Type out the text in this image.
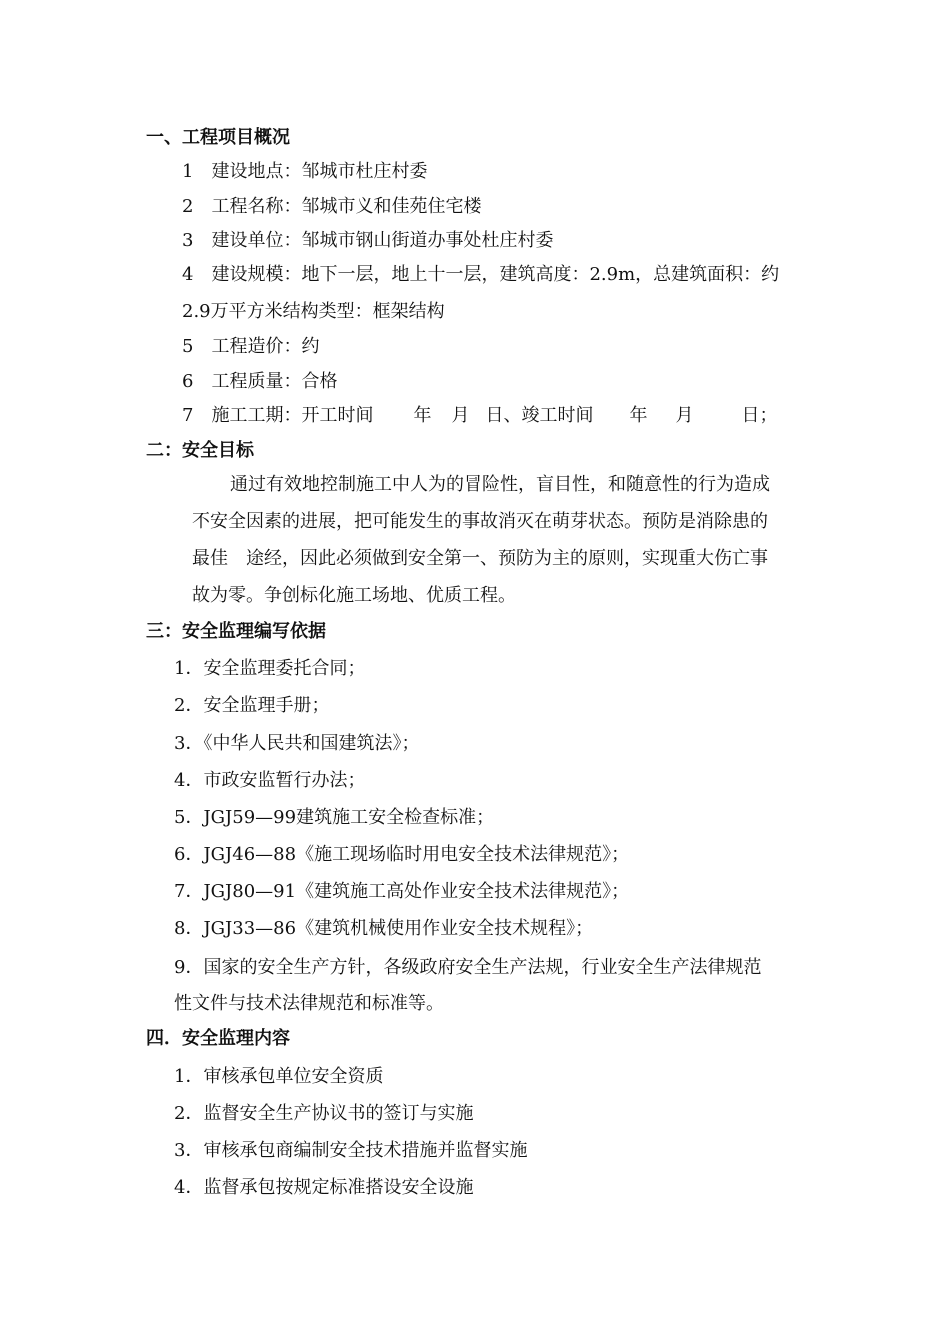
一、工程项目概况
1　建设地点：邹城市杜庄村委
2　工程名称：邹城市义和佳苑住宅楼
3　建设单位：邹城市钢山街道办事处杜庄村委
4　建设规模：地下一层，地上十一层，建筑高度：2.9m，总建筑面积：约
2.9万平方米结构类型：框架结构
5　工程造价：约
6　工程质量：合格
7　施工工期：开工时间 年 月 日、竣工时间 年 月	日；
二：安全目标
通过有效地控制施工中人为的冒险性，盲目性，和随意性的行为造成
不安全因素的进展，把可能发生的事故消灭在萌芽状态。预防是消除患的
最佳　途经，因此必须做到安全第一、预防为主的原则，实现重大伤亡事
故为零。争创标化施工场地、优质工程。
三：安全监理编写依据
1．安全监理委托合同；
2．安全监理手册；
3．《中华人民共和国建筑法》；
4．市政安监暂行办法；
5．JGJ59—99建筑施工安全检查标准；
6．JGJ46—88《施工现场临时用电安全技术法律规范》；
7．JGJ80—91《建筑施工高处作业安全技术法律规范》；
8．JGJ33—86《建筑机械使用作业安全技术规程》；
9．国家的安全生产方针，各级政府安全生产法规，行业安全生产法律规范
性文件与技术法律规范和标准等。
四．安全监理内容
1．审核承包单位安全资质
2．监督安全生产协议书的签订与实施
3．审核承包商编制安全技术措施并监督实施
4．监督承包按规定标准搭设安全设施
